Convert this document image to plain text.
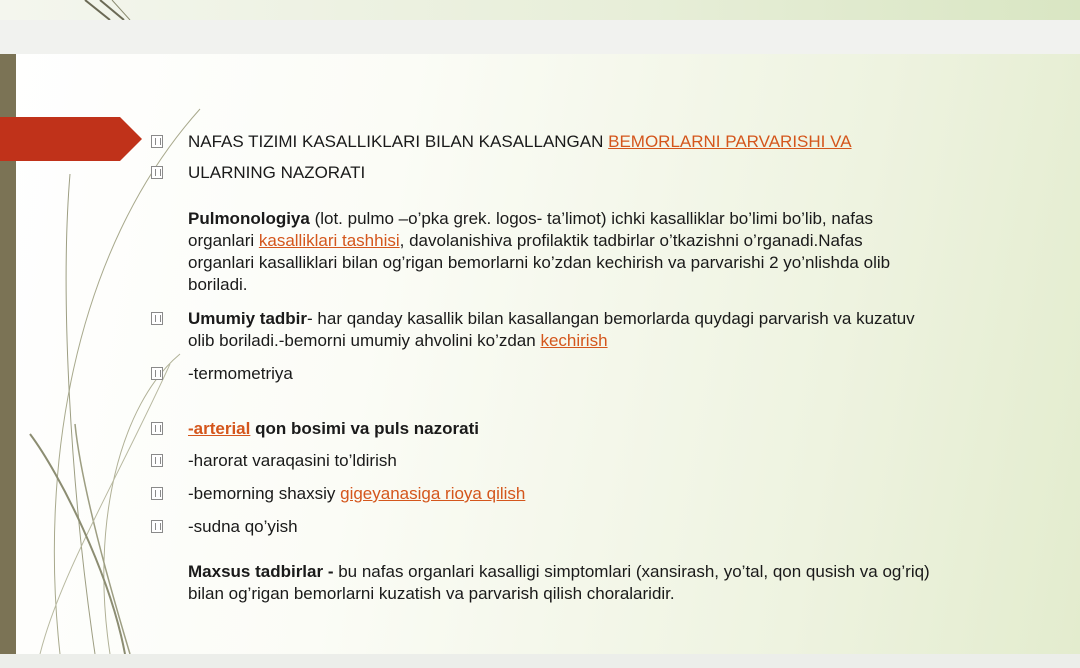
NAFAS TIZIMI KASALLIKLARI BILAN KASALLANGAN BEMORLARNI PARVARISHI VA
ULARNING NAZORATI
Pulmonologiya (lot. pulmo –o’pka grek. logos- ta’limot) ichki kasalliklar bo’limi bo’lib, nafas organlari kasalliklari tashhisi, davolanishiva profilaktik tadbirlar o’tkazishni o’rganadi.Nafas organlari kasalliklari bilan og’rigan bemorlarni ko’zdan kechirish va parvarishi 2 yo’nlishda olib boriladi.
Umumiy tadbir- har qanday kasallik bilan kasallangan bemorlarda quydagi parvarish va kuzatuv olib boriladi.-bemorni umumiy ahvolini ko’zdan kechirish
-termometriya
-arterial qon bosimi va puls nazorati
-harorat varaqasini to’ldirish
-bemorning shaxsiy gigeyanasiga rioya qilish
-sudna qo’yish
Maxsus tadbirlar - bu nafas organlari kasalligi simptomlari (xansirash, yo’tal, qon qusish va og’riq) bilan og’rigan bemorlarni kuzatish va parvarish qilish choralaridir.
